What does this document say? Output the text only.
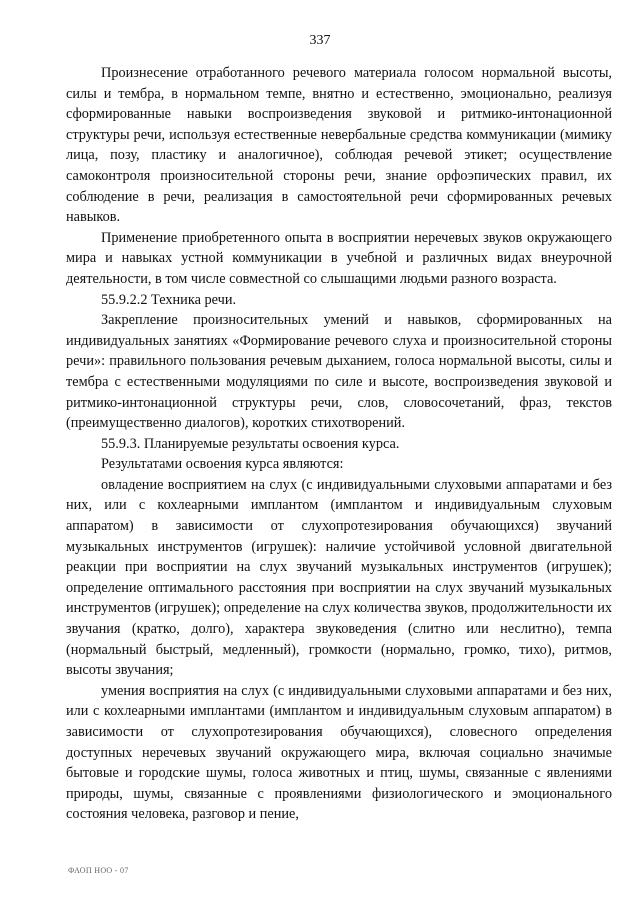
337

Произнесение отработанного речевого материала голосом нормальной высоты, силы и тембра, в нормальном темпе, внятно и естественно, эмоционально, реализуя сформированные навыки воспроизведения звуковой и ритмико-интонационной структуры речи, используя естественные невербальные средства коммуникации (мимику лица, позу, пластику и аналогичное), соблюдая речевой этикет; осуществление самоконтроля произносительной стороны речи, знание орфоэпических правил, их соблюдение в речи, реализация в самостоятельной речи сформированных речевых навыков.

Применение приобретенного опыта в восприятии неречевых звуков окружающего мира и навыках устной коммуникации в учебной и различных видах внеурочной деятельности, в том числе совместной со слышащими людьми разного возраста.

55.9.2.2 Техника речи.

Закрепление произносительных умений и навыков, сформированных на индивидуальных занятиях «Формирование речевого слуха и произносительной стороны речи»: правильного пользования речевым дыханием, голоса нормальной высоты, силы и тембра с естественными модуляциями по силе и высоте, воспроизведения звуковой и ритмико-интонационной структуры речи, слов, словосочетаний, фраз, текстов (преимущественно диалогов), коротких стихотворений.

55.9.3. Планируемые результаты освоения курса.

Результатами освоения курса являются:

овладение восприятием на слух (с индивидуальными слуховыми аппаратами и без них, или с кохлеарными имплантом (имплантом и индивидуальным слуховым аппаратом) в зависимости от слухопротезирования обучающихся) звучаний музыкальных инструментов (игрушек): наличие устойчивой условной двигательной реакции при восприятии на слух звучаний музыкальных инструментов (игрушек); определение оптимального расстояния при восприятии на слух звучаний музыкальных инструментов (игрушек); определение на слух количества звуков, продолжительности их звучания (кратко, долго), характера звуковедения (слитно или неслитно), темпа (нормальный быстрый, медленный), громкости (нормально, громко, тихо), ритмов, высоты звучания;

умения восприятия на слух (с индивидуальными слуховыми аппаратами и без них, или с кохлеарными имплантами (имплантом и индивидуальным слуховым аппаратом) в зависимости от слухопротезирования обучающихся), словесного определения доступных неречевых звучаний окружающего мира, включая социально значимые бытовые и городские шумы, голоса животных и птиц, шумы, связанные с явлениями природы, шумы, связанные с проявлениями физиологического и эмоционального состояния человека, разговор и пение,

ФАОП НОО - 07
